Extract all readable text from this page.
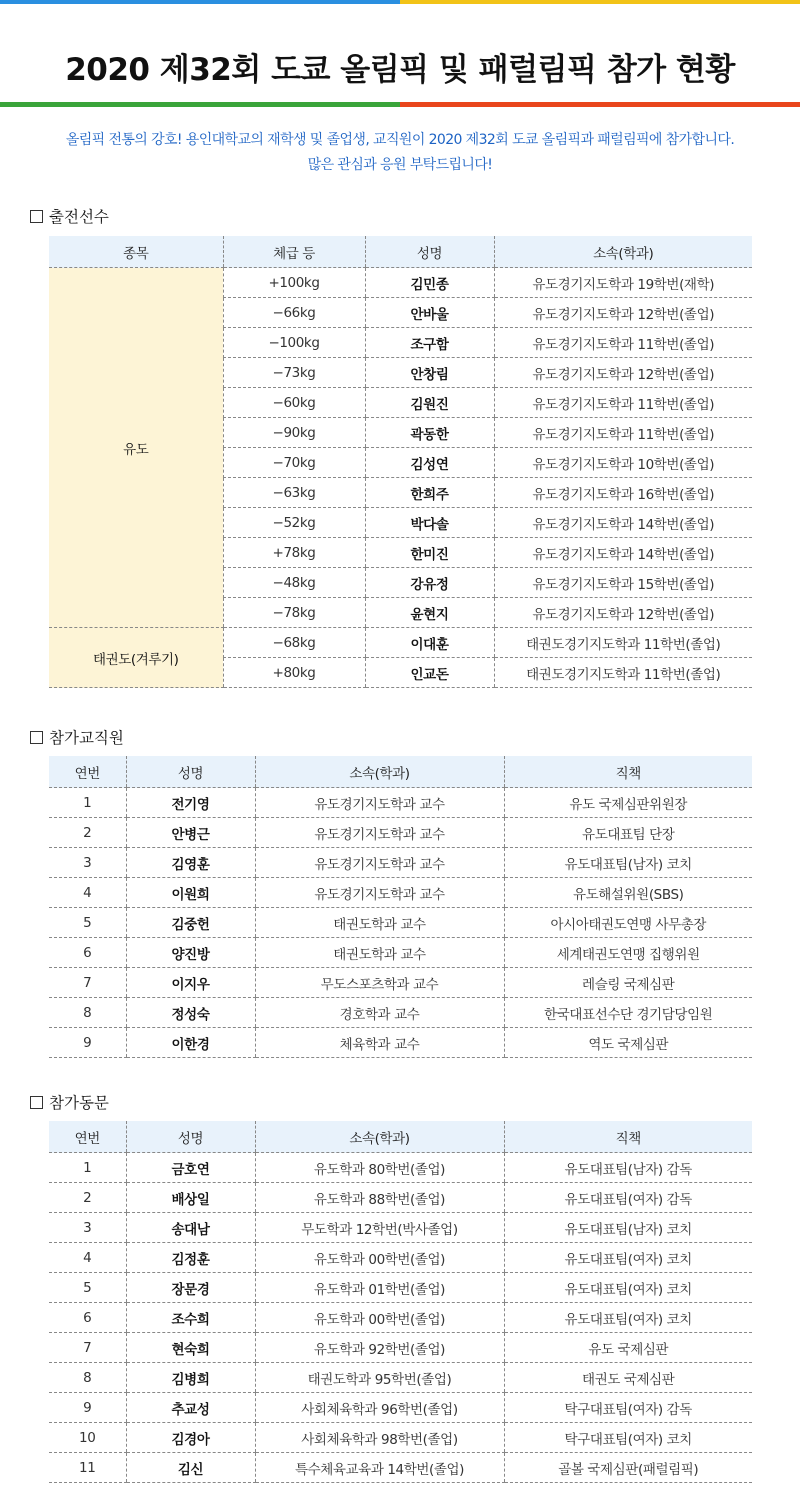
2020 제32회 도쿄 올림픽 및 패럴림픽 참가 현황
올림픽 전통의 강호! 용인대학교의 재학생 및 졸업생, 교직원이 2020 제32회 도쿄 올림픽과 패럴림픽에 참가합니다.
많은 관심과 응원 부탁드립니다!
출전선수
종목	체급 등	성명	소속(학과)
유도	+100kg	김민종	유도경기지도학과 19학번(재학)
	−66kg	안바울	유도경기지도학과 12학번(졸업)
	−100kg	조구함	유도경기지도학과 11학번(졸업)
	−73kg	안창림	유도경기지도학과 12학번(졸업)
	−60kg	김원진	유도경기지도학과 11학번(졸업)
	−90kg	곽동한	유도경기지도학과 11학번(졸업)
	−70kg	김성연	유도경기지도학과 10학번(졸업)
	−63kg	한희주	유도경기지도학과 16학번(졸업)
	−52kg	박다솔	유도경기지도학과 14학번(졸업)
	+78kg	한미진	유도경기지도학과 14학번(졸업)
	−48kg	강유정	유도경기지도학과 15학번(졸업)
	−78kg	윤현지	유도경기지도학과 12학번(졸업)
태권도(겨루기)	−68kg	이대훈	태권도경기지도학과 11학번(졸업)
	+80kg	인교돈	태권도경기지도학과 11학번(졸업)
참가교직원
연번	성명	소속(학과)	직책
1	전기영	유도경기지도학과 교수	유도 국제심판위원장
2	안병근	유도경기지도학과 교수	유도대표팀 단장
3	김영훈	유도경기지도학과 교수	유도대표팀(남자) 코치
4	이원희	유도경기지도학과 교수	유도해설위원(SBS)
5	김중헌	태권도학과 교수	아시아태권도연맹 사무총장
6	양진방	태권도학과 교수	세계태권도연맹 집행위원
7	이지우	무도스포츠학과 교수	레슬링 국제심판
8	정성숙	경호학과 교수	한국대표선수단 경기담당임원
9	이한경	체육학과 교수	역도 국제심판
참가동문
연번	성명	소속(학과)	직책
1	금호연	유도학과 80학번(졸업)	유도대표팀(남자) 감독
2	배상일	유도학과 88학번(졸업)	유도대표팀(여자) 감독
3	송대남	무도학과 12학번(박사졸업)	유도대표팀(남자) 코치
4	김정훈	유도학과 00학번(졸업)	유도대표팀(여자) 코치
5	장문경	유도학과 01학번(졸업)	유도대표팀(여자) 코치
6	조수희	유도학과 00학번(졸업)	유도대표팀(여자) 코치
7	현숙희	유도학과 92학번(졸업)	유도 국제심판
8	김병희	태권도학과 95학번(졸업)	태권도 국제심판
9	추교성	사회체육학과 96학번(졸업)	탁구대표팀(여자) 감독
10	김경아	사회체육학과 98학번(졸업)	탁구대표팀(여자) 코치
11	김신	특수체육교육과 14학번(졸업)	골볼 국제심판(패럴림픽)
